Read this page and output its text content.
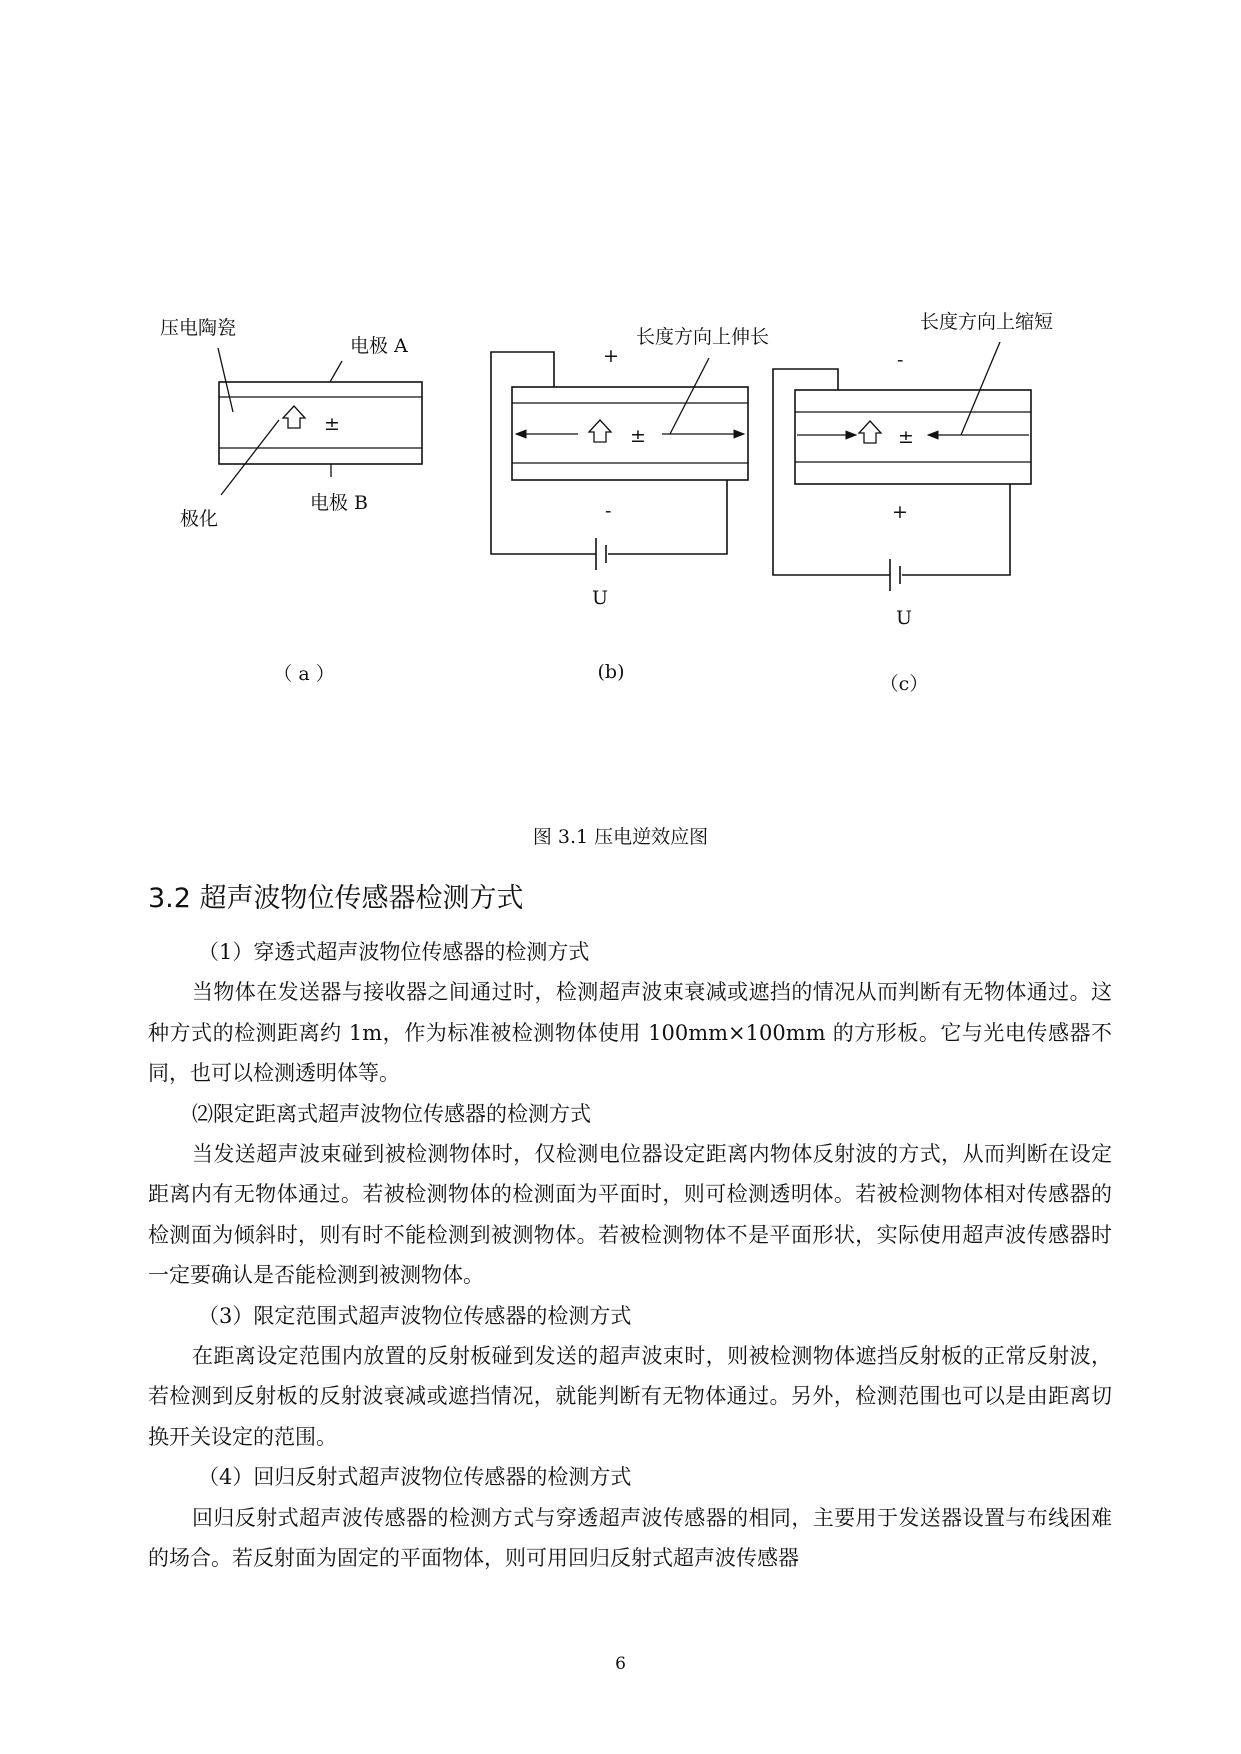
压电陶瓷
电极 A
电极 B
极化
±
（ a ）
±
+
-
长度方向上伸长
U
(b)
±
-
+
长度方向上缩短
U
（c）
图 3.1 压电逆效应图
3.2 超声波物位传感器检测方式

（1）穿透式超声波物位传感器的检测方式

当物体在发送器与接收器之间通过时，检测超声波束衰减或遮挡的情况从而判断有无物体通过。这种方式的检测距离约 1m，作为标准被检测物体使用 100mm×100mm 的方形板。它与光电传感器不同，也可以检测透明体等。

⑵限定距离式超声波物位传感器的检测方式

当发送超声波束碰到被检测物体时，仅检测电位器设定距离内物体反射波的方式，从而判断在设定距离内有无物体通过。若被检测物体的检测面为平面时，则可检测透明体。若被检测物体相对传感器的检测面为倾斜时，则有时不能检测到被测物体。若被检测物体不是平面形状，实际使用超声波传感器时一定要确认是否能检测到被测物体。

（3）限定范围式超声波物位传感器的检测方式

在距离设定范围内放置的反射板碰到发送的超声波束时，则被检测物体遮挡反射板的正常反射波，若检测到反射板的反射波衰减或遮挡情况，就能判断有无物体通过。另外，检测范围也可以是由距离切换开关设定的范围。

（4）回归反射式超声波物位传感器的检测方式

回归反射式超声波传感器的检测方式与穿透超声波传感器的相同，主要用于发送器设置与布线困难的场合。若反射面为固定的平面物体，则可用回归反射式超声波传感器

6
